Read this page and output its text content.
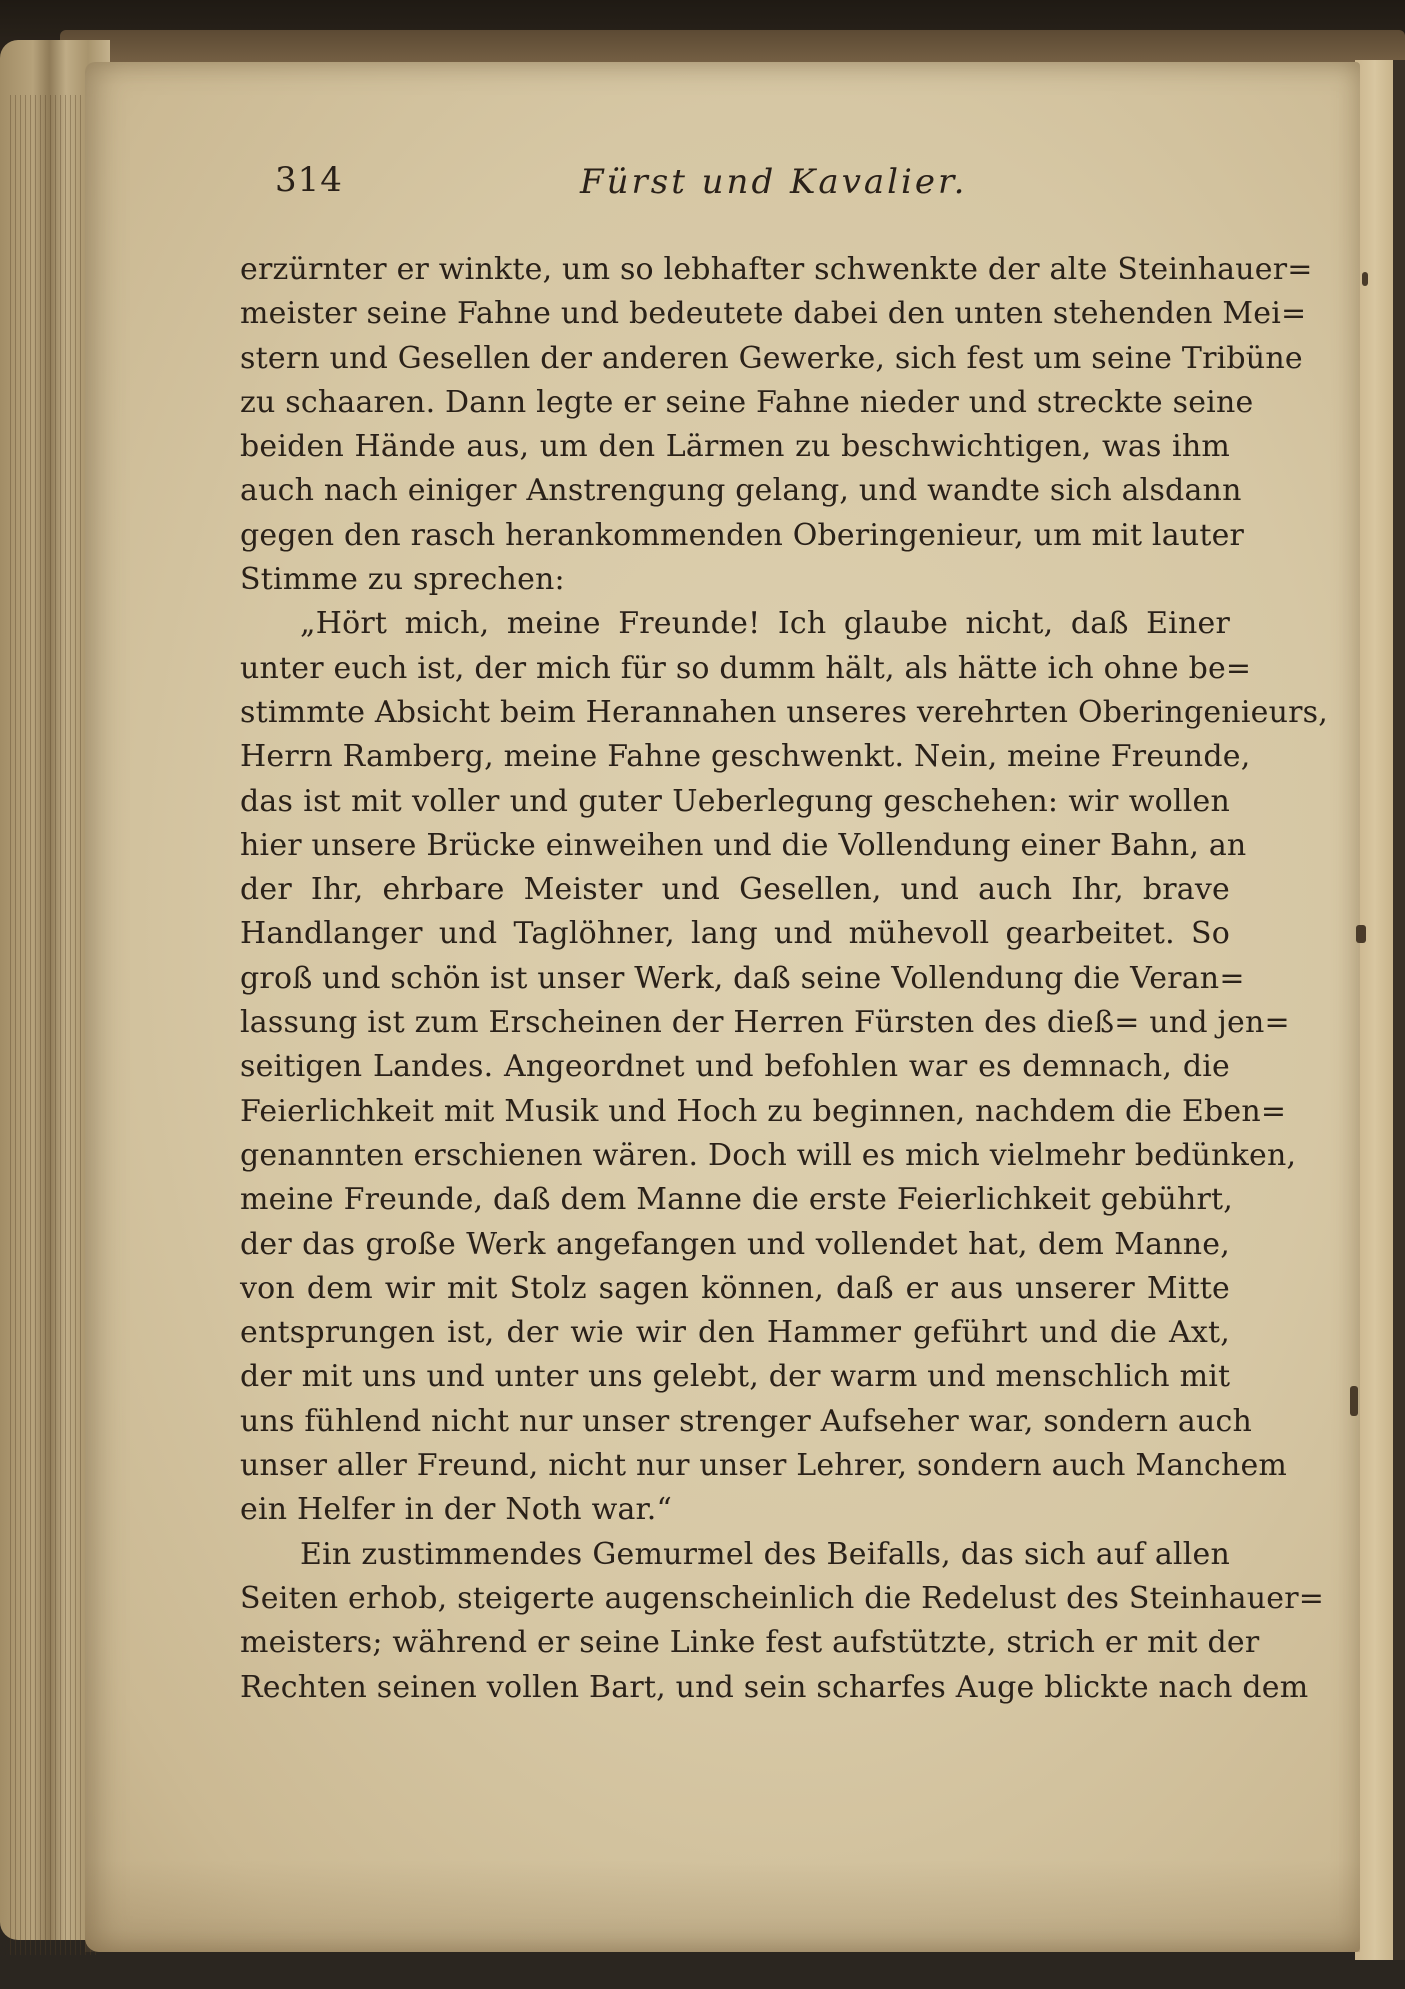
314	Fürst und Kavalier.
erzürnter er winkte, um so lebhafter schwenkte der alte Steinhauer=
meister seine Fahne und bedeutete dabei den unten stehenden Mei=
stern und Gesellen der anderen Gewerke, sich fest um seine Tribüne
zu schaaren. Dann legte er seine Fahne nieder und streckte seine
beiden Hände aus, um den Lärmen zu beschwichtigen, was ihm
auch nach einiger Anstrengung gelang, und wandte sich alsdann
gegen den rasch herankommenden Oberingenieur, um mit lauter
Stimme zu sprechen:
„Hört mich, meine Freunde! Ich glaube nicht, daß Einer
unter euch ist, der mich für so dumm hält, als hätte ich ohne be=
stimmte Absicht beim Herannahen unseres verehrten Oberingenieurs,
Herrn Ramberg, meine Fahne geschwenkt. Nein, meine Freunde,
das ist mit voller und guter Ueberlegung geschehen: wir wollen
hier unsere Brücke einweihen und die Vollendung einer Bahn, an
der Ihr, ehrbare Meister und Gesellen, und auch Ihr, brave
Handlanger und Taglöhner, lang und mühevoll gearbeitet. So
groß und schön ist unser Werk, daß seine Vollendung die Veran=
lassung ist zum Erscheinen der Herren Fürsten des dieß= und jen=
seitigen Landes. Angeordnet und befohlen war es demnach, die
Feierlichkeit mit Musik und Hoch zu beginnen, nachdem die Eben=
genannten erschienen wären. Doch will es mich vielmehr bedünken,
meine Freunde, daß dem Manne die erste Feierlichkeit gebührt,
der das große Werk angefangen und vollendet hat, dem Manne,
von dem wir mit Stolz sagen können, daß er aus unserer Mitte
entsprungen ist, der wie wir den Hammer geführt und die Axt,
der mit uns und unter uns gelebt, der warm und menschlich mit
uns fühlend nicht nur unser strenger Aufseher war, sondern auch
unser aller Freund, nicht nur unser Lehrer, sondern auch Manchem
ein Helfer in der Noth war.“
Ein zustimmendes Gemurmel des Beifalls, das sich auf allen
Seiten erhob, steigerte augenscheinlich die Redelust des Steinhauer=
meisters; während er seine Linke fest aufstützte, strich er mit der
Rechten seinen vollen Bart, und sein scharfes Auge blickte nach dem
